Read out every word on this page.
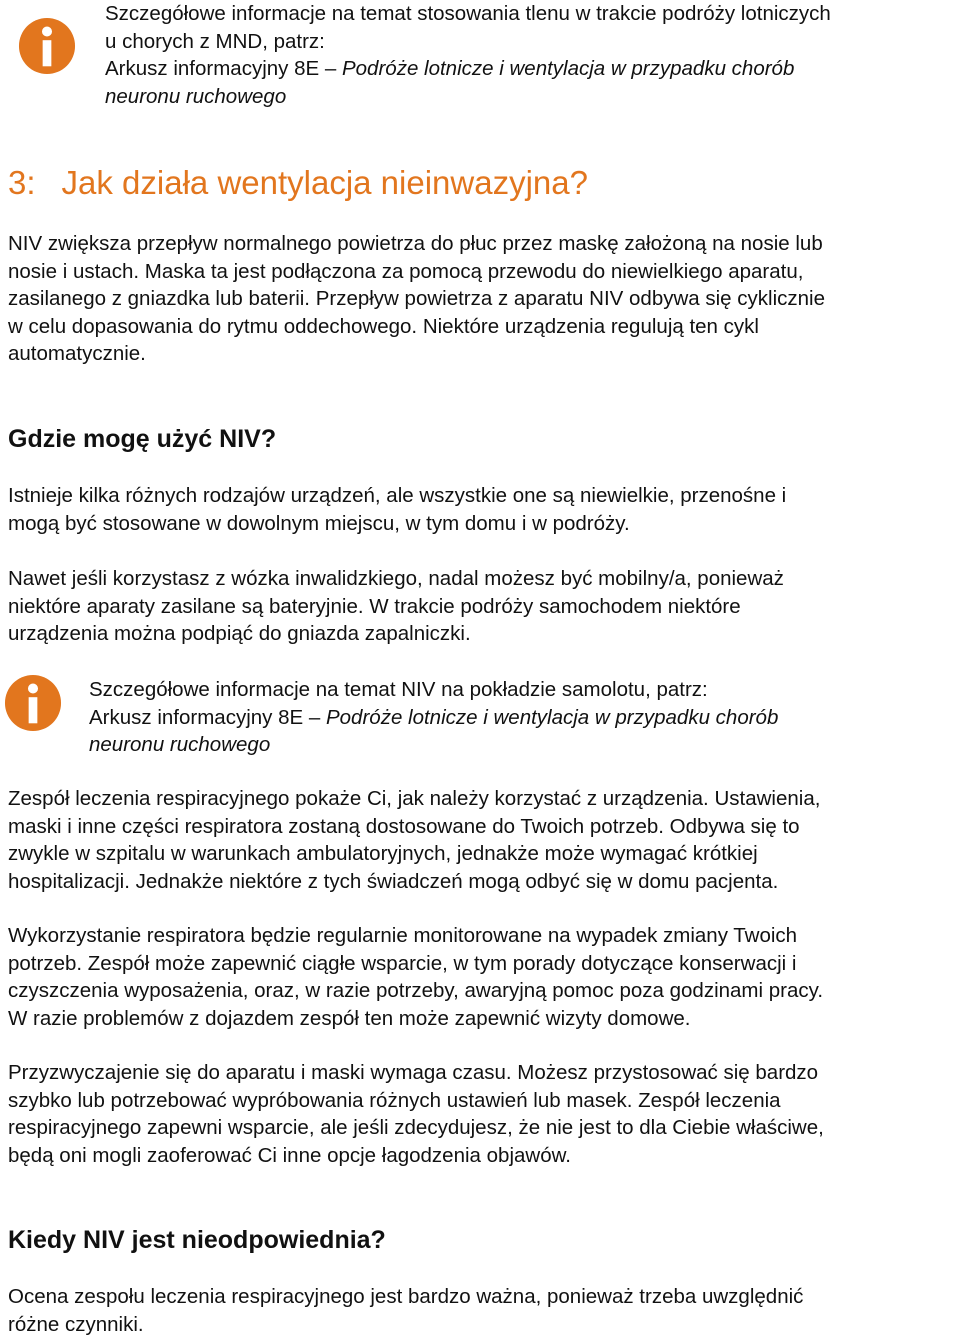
Szczegółowe informacje na temat stosowania tlenu w trakcie podróży lotniczych
u chorych z MND, patrz:
Arkusz informacyjny 8E – Podróże lotnicze i wentylacja w przypadku chorób
neuronu ruchowego
3: Jak działa wentylacja nieinwazyjna?
NIV zwiększa przepływ normalnego powietrza do płuc przez maskę założoną na nosie lub
nosie i ustach. Maska ta jest podłączona za pomocą przewodu do niewielkiego aparatu,
zasilanego z gniazdka lub baterii. Przepływ powietrza z aparatu NIV odbywa się cyklicznie
w celu dopasowania do rytmu oddechowego. Niektóre urządzenia regulują ten cykl
automatycznie.
Gdzie mogę użyć NIV?
Istnieje kilka różnych rodzajów urządzeń, ale wszystkie one są niewielkie, przenośne i
mogą być stosowane w dowolnym miejscu, w tym domu i w podróży.
Nawet jeśli korzystasz z wózka inwalidzkiego, nadal możesz być mobilny/a, ponieważ
niektóre aparaty zasilane są bateryjnie. W trakcie podróży samochodem niektóre
urządzenia można podpiąć do gniazda zapalniczki.
Szczegółowe informacje na temat NIV na pokładzie samolotu, patrz:
Arkusz informacyjny 8E – Podróże lotnicze i wentylacja w przypadku chorób
neuronu ruchowego
Zespół leczenia respiracyjnego pokaże Ci, jak należy korzystać z urządzenia. Ustawienia,
maski i inne części respiratora zostaną dostosowane do Twoich potrzeb. Odbywa się to
zwykle w szpitalu w warunkach ambulatoryjnych, jednakże może wymagać krótkiej
hospitalizacji. Jednakże niektóre z tych świadczeń mogą odbyć się w domu pacjenta.
Wykorzystanie respiratora będzie regularnie monitorowane na wypadek zmiany Twoich
potrzeb. Zespół może zapewnić ciągłe wsparcie, w tym porady dotyczące konserwacji i
czyszczenia wyposażenia, oraz, w razie potrzeby, awaryjną pomoc poza godzinami pracy.
W razie problemów z dojazdem zespół ten może zapewnić wizyty domowe.
Przyzwyczajenie się do aparatu i maski wymaga czasu. Możesz przystosować się bardzo
szybko lub potrzebować wypróbowania różnych ustawień lub masek. Zespół leczenia
respiracyjnego zapewni wsparcie, ale jeśli zdecydujesz, że nie jest to dla Ciebie właściwe,
będą oni mogli zaoferować Ci inne opcje łagodzenia objawów.
Kiedy NIV jest nieodpowiednia?
Ocena zespołu leczenia respiracyjnego jest bardzo ważna, ponieważ trzeba uwzględnić
różne czynniki.
